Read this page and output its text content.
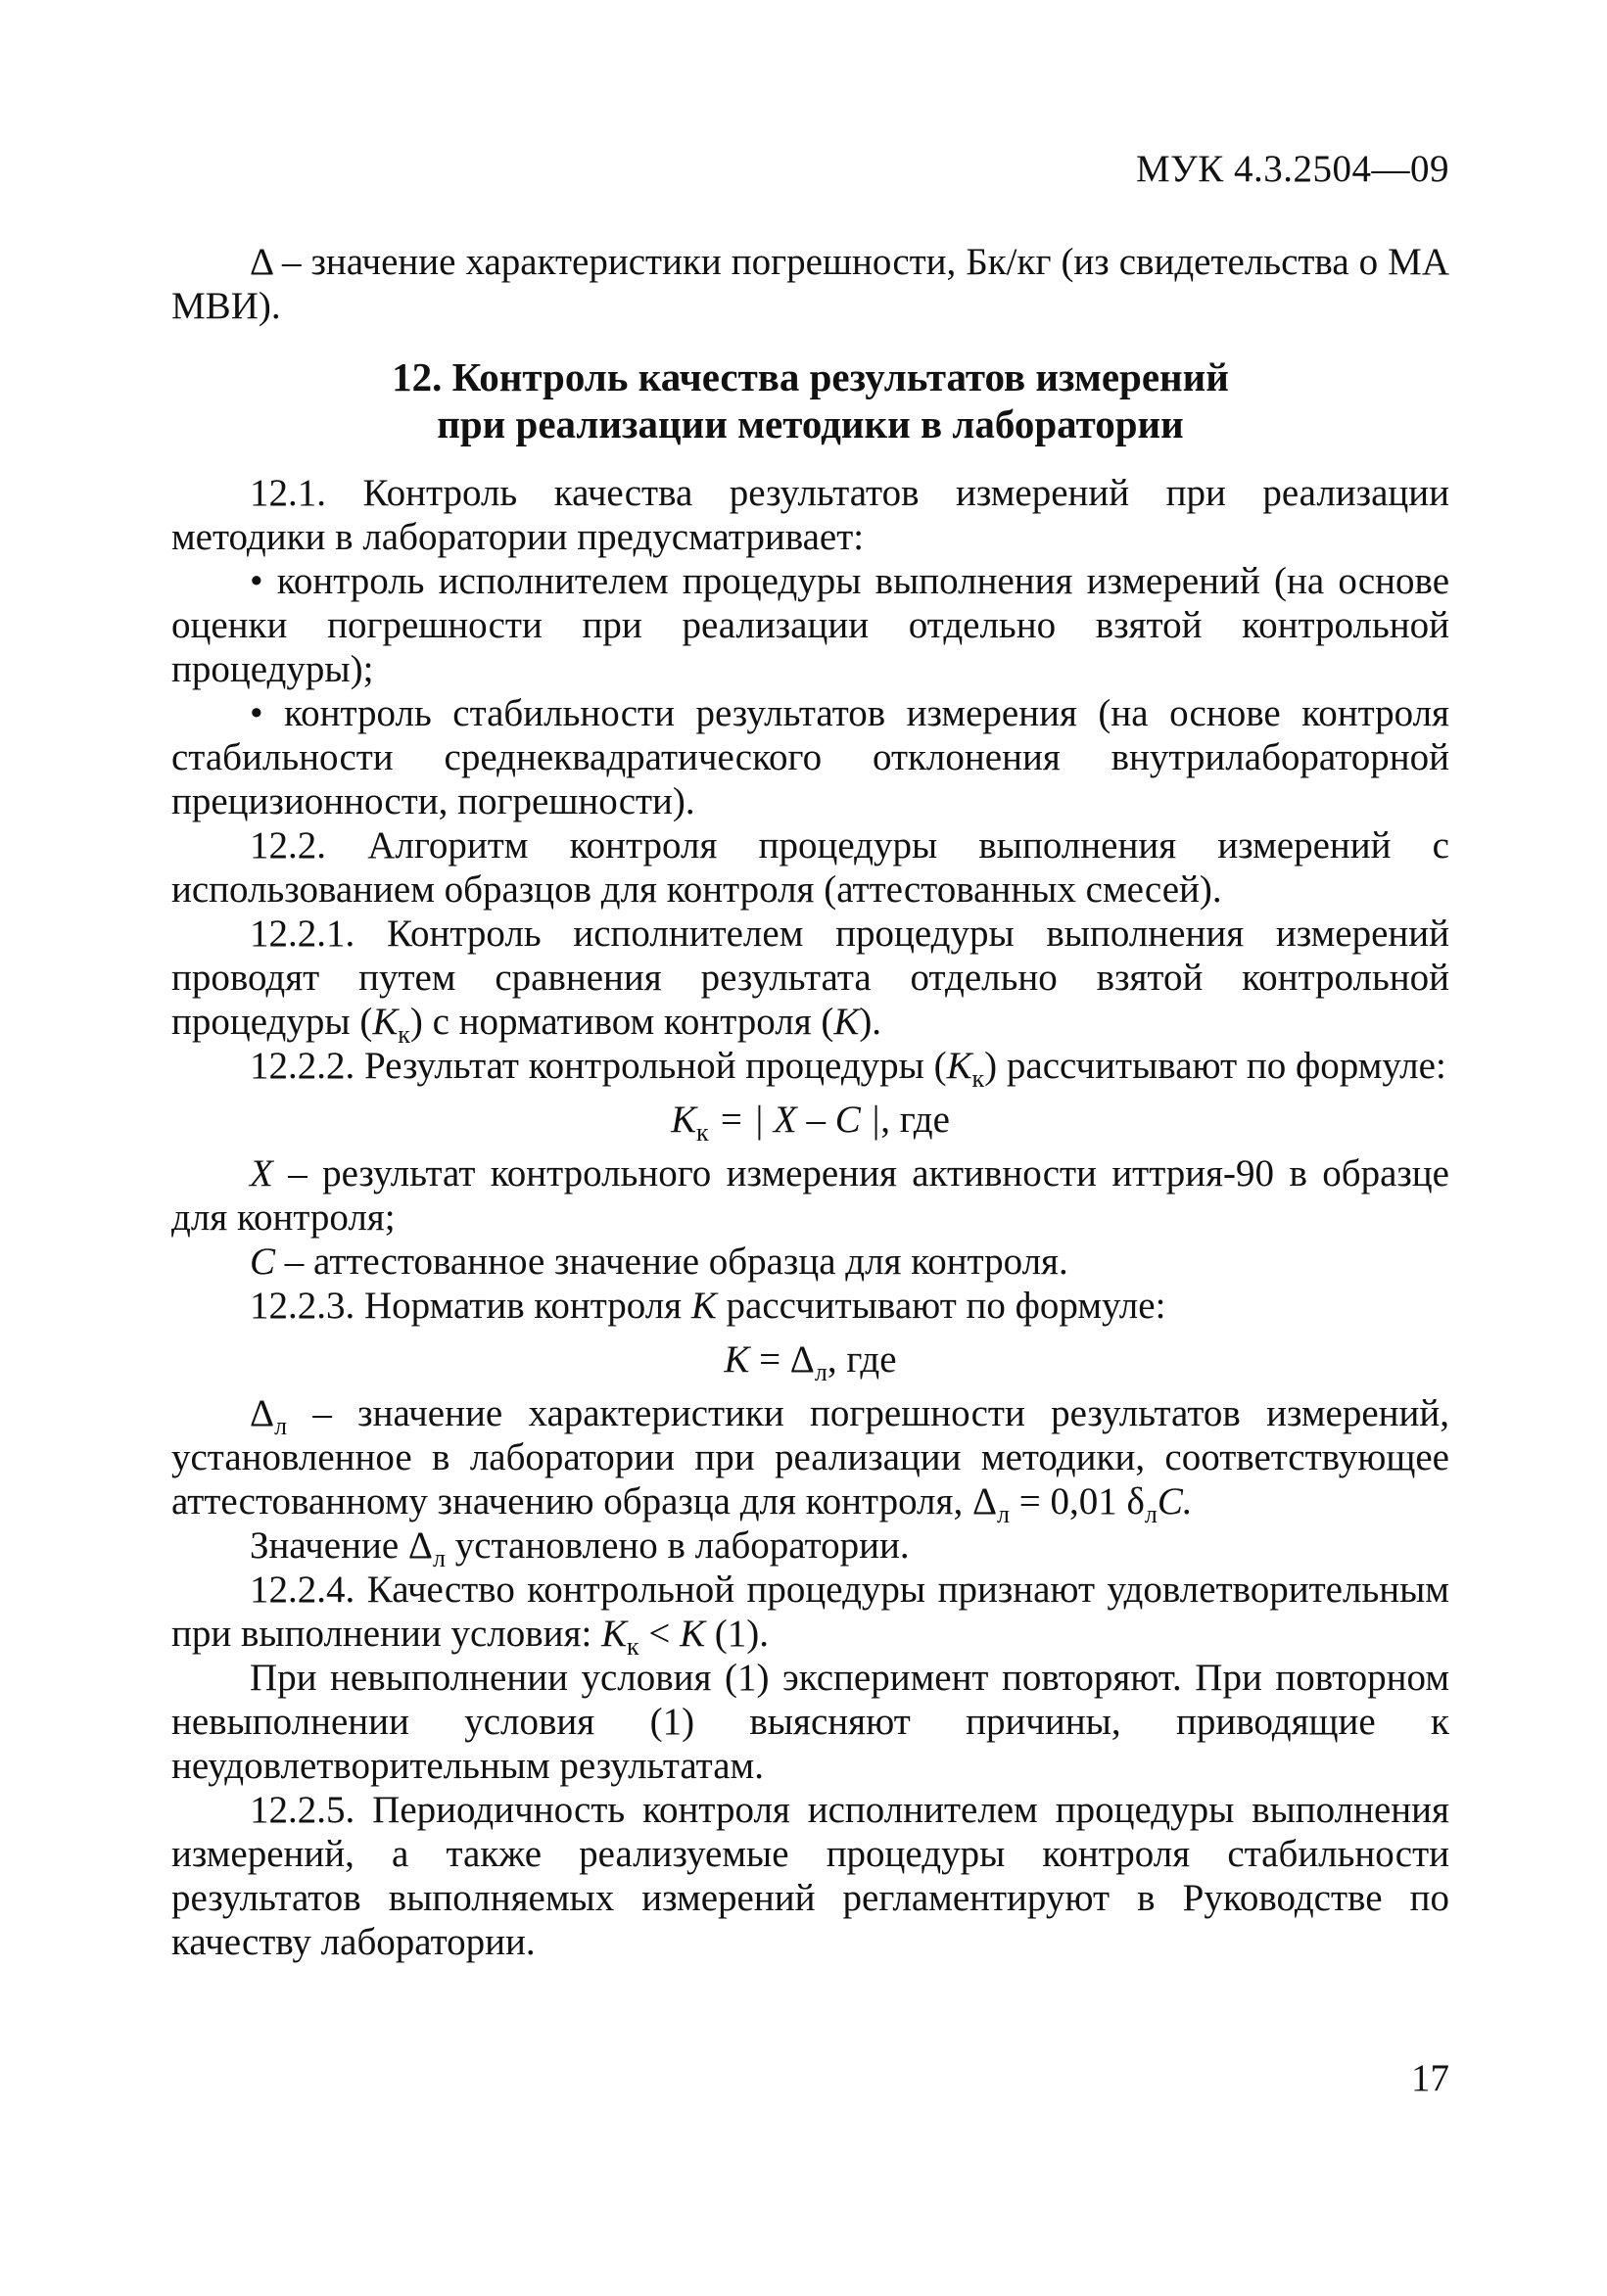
МУК 4.3.2504—09

Δ – значение характеристики погрешности, Бк/кг (из свидетельства о МА МВИ).

12. Контроль качества результатов измерений
при реализации методики в лаборатории

12.1. Контроль качества результатов измерений при реализации методики в лаборатории предусматривает:

• контроль исполнителем процедуры выполнения измерений (на основе оценки погрешности при реализации отдельно взятой контрольной процедуры);

• контроль стабильности результатов измерения (на основе контроля стабильности среднеквадратического отклонения внутрилабораторной прецизионности, погрешности).

12.2. Алгоритм контроля процедуры выполнения измерений с использованием образцов для контроля (аттестованных смесей).

12.2.1. Контроль исполнителем процедуры выполнения измерений проводят путем сравнения результата отдельно взятой контрольной процедуры $(К_к)$ с нормативом контроля (К).

12.2.2. Результат контрольной процедуры $(К_к)$ рассчитывают по формуле:

$К_к$ = | X – C |, где

X – результат контрольного измерения активности иттрия-90 в образце для контроля;

C – аттестованное значение образца для контроля.

12.2.3. Норматив контроля К рассчитывают по формуле:

$К = \Delta_л$, где

$\Delta_л$ – значение характеристики погрешности результатов измерений, установленное в лаборатории при реализации методики, соответствующее аттестованному значению образца для контроля, $\Delta_л = 0,01$ $\delta_лC$.

Значение $\Delta_л$ установлено в лаборатории.

12.2.4. Качество контрольной процедуры признают удовлетворительным при выполнении условия: $К_к < К$ (1).

При невыполнении условия (1) эксперимент повторяют. При повторном невыполнении условия (1) выясняют причины, приводящие к неудовлетворительным результатам.

12.2.5. Периодичность контроля исполнителем процедуры выполнения измерений, а также реализуемые процедуры контроля стабильности результатов выполняемых измерений регламентируют в Руководстве по качеству лаборатории.

17
